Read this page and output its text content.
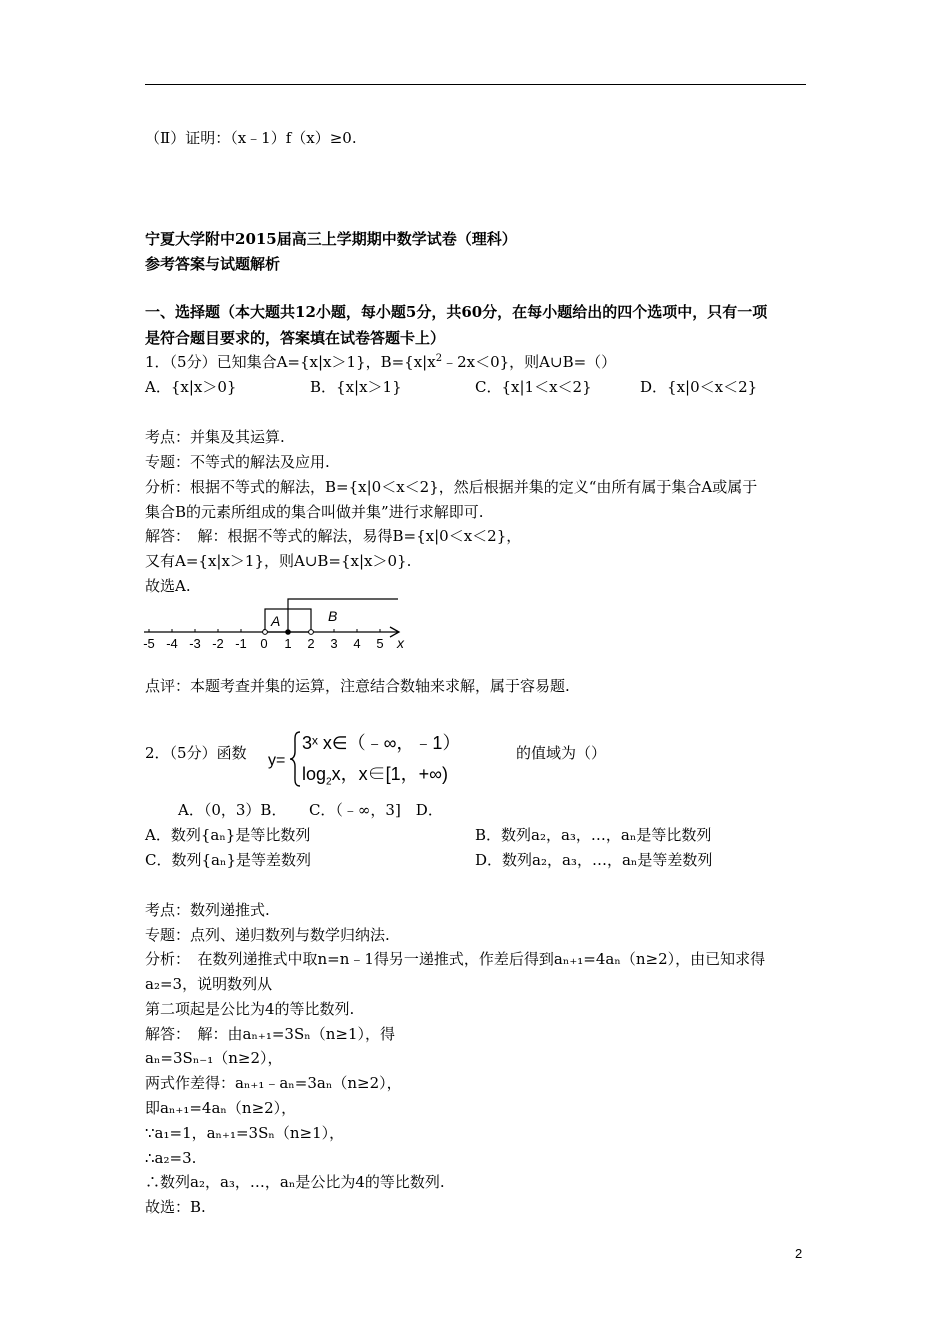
（Ⅱ）证明：（x﹣1）f（x）≥0.
宁夏大学附中2015届高三上学期期中数学试卷（理科）
参考答案与试题解析
一、选择题（本大题共12小题，每小题5分，共60分，在每小题给出的四个选项中，只有一项
是符合题目要求的，答案填在试卷答题卡上）
1．（5分）已知集合A={x|x＞1}，$B=\{x|x^2﹣2x<0\}$，则A∪B=（）
A．{x|x＞0}	B．{x|x＞1}	C．{x|1＜x＜2}	D．{x|0＜x＜2}
考点：并集及其运算.
专题：不等式的解法及应用.
分析：根据不等式的解法，B={x|0＜x＜2}，然后根据并集的定义“由所有属于集合A或属于
集合B的元素所组成的集合叫做并集”进行求解即可.
解答：　解：根据不等式的解法，易得B={x|0＜x＜2}，
又有A={x|x＞1}，则A∪B={x|x＞0}.
故选A.
A	B
-5 -4 -3 -2 -1 0 1 2 3 4 5 x
点评：本题考查并集的运算，注意结合数轴来求解，属于容易题.
2．（5分）函数 y=
3ˣ x∈（﹣∞，﹣1）
$\log_2x$，x∈[1，+∞)
的值域为（）
A．（0，3）B．　　C．（﹣∞，3]　D．
A．数列{aₙ}是等比数列	B．数列a₂，a₃，…，aₙ是等比数列
C．数列{aₙ}是等差数列	D．数列a₂，a₃，…，aₙ是等差数列
考点：数列递推式.
专题：点列、递归数列与数学归纳法.
分析：　在数列递推式中取n=n﹣1得另一递推式，作差后得到aₙ₊₁=4aₙ（n≥2），由已知求得
a₂=3，说明数列从
第二项起是公比为4的等比数列.
解答：　解：由aₙ₊₁=3Sₙ（n≥1），得
aₙ=3Sₙ₋₁（n≥2），
两式作差得：aₙ₊₁﹣aₙ=3aₙ（n≥2），
即aₙ₊₁=4aₙ（n≥2），
∵a₁=1，aₙ₊₁=3Sₙ（n≥1），
∴a₂=3.
∴数列a₂，a₃，…，aₙ是公比为4的等比数列.
故选：B.
2
